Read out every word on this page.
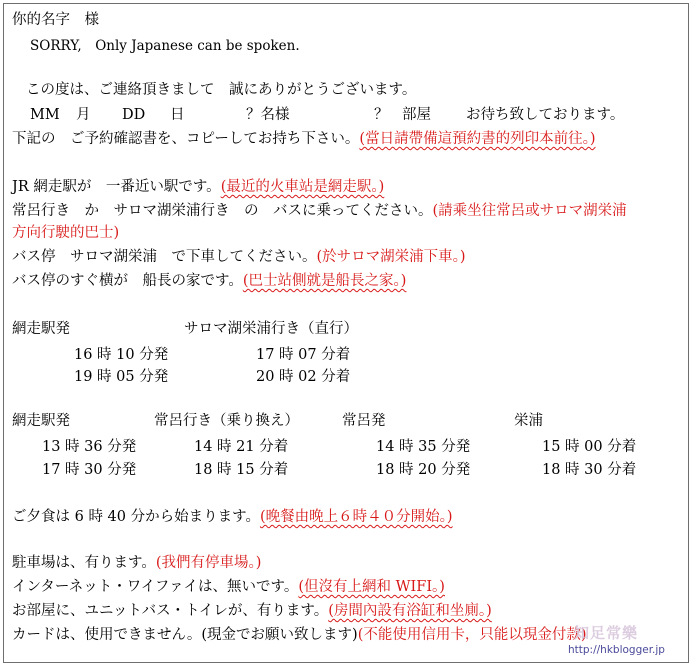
你的名字　様
SORRY,　Only Japanese can be spoken.
この度は、ご連絡頂きまして　誠にありがとうございます。
MM 月 DD 日	？名様	？ 部屋 お待ち致しております。
下記の　ご予約確認書を、コピーしてお持ち下さい。(當日請帶備這預約書的列印本前往。)
JR 網走駅が　一番近い駅です。(最近的火車站是網走駅。)
常呂行き　か　サロマ湖栄浦行き　の　バスに乗ってください。(請乘坐往常呂或サロマ湖栄浦
方向行駛的巴士)
バス停　サロマ湖栄浦　で下車してください。(於サロマ湖栄浦下車。)
バス停のすぐ横が　船長の家です。(巴士站側就是船長之家。)
網走駅発	サロマ湖栄浦行き（直行）
16 時 10 分発	17 時 07 分着
19 時 05 分発	20 時 02 分着
網走駅発	常呂行き（乗り換え）	常呂発	栄浦
13 時 36 分発	14 時 21 分着	14 時 35 分発	15 時 00 分着
17 時 30 分発	18 時 15 分着	18 時 20 分発	18 時 30 分着
ご夕食は 6 時 40 分から始まります。(晚餐由晚上６時４０分開始。)
駐車場は、有ります。(我們有停車場。)
インターネット・ワイファイは、無いです。(但沒有上網和 WIFI。)
お部屋に、ユニットバス・トイレが、有ります。(房間內設有浴缸和坐廁。)
カードは、使用できません。(現金でお願い致します)(不能使用信用卡，只能以現金付款)
知足常樂
http://hkblogger.jp
